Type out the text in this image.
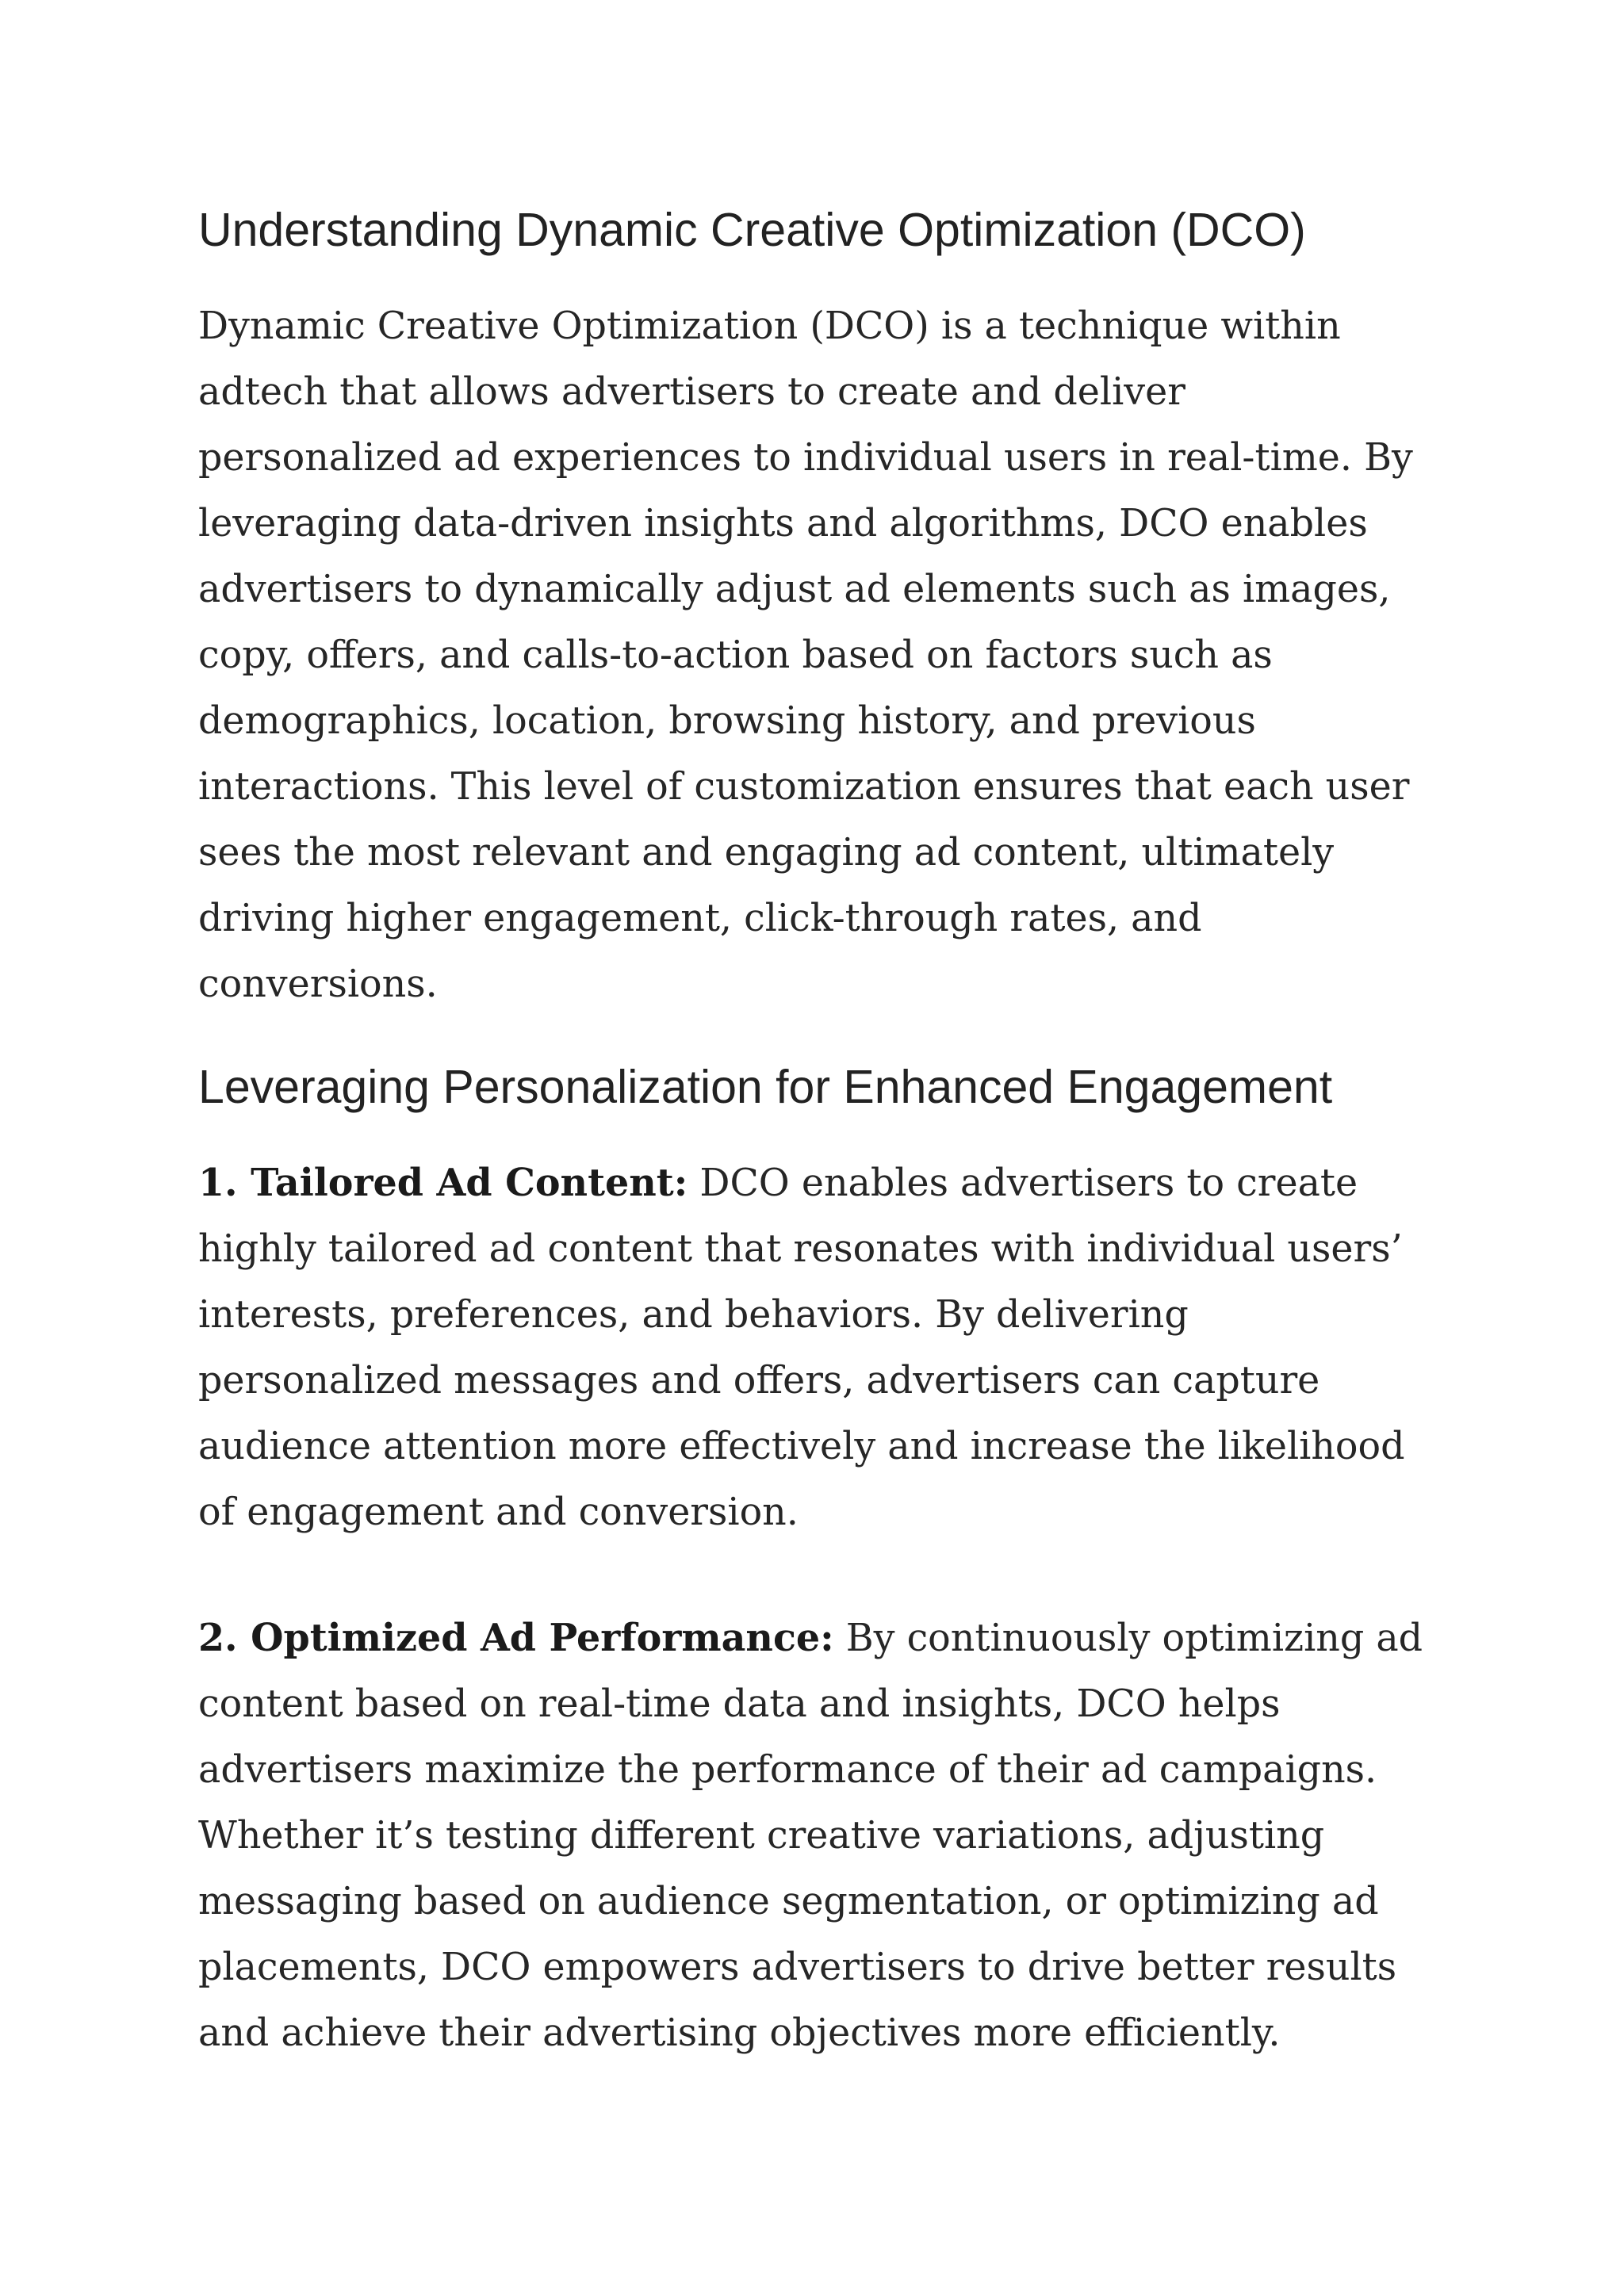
Understanding Dynamic Creative Optimization (DCO)

Dynamic Creative Optimization (DCO) is a technique within adtech that allows advertisers to create and deliver personalized ad experiences to individual users in real-time. By leveraging data-driven insights and algorithms, DCO enables advertisers to dynamically adjust ad elements such as images, copy, offers, and calls-to-action based on factors such as demographics, location, browsing history, and previous interactions. This level of customization ensures that each user sees the most relevant and engaging ad content, ultimately driving higher engagement, click-through rates, and conversions.

Leveraging Personalization for Enhanced Engagement

1. Tailored Ad Content: DCO enables advertisers to create highly tailored ad content that resonates with individual users’ interests, preferences, and behaviors. By delivering personalized messages and offers, advertisers can capture audience attention more effectively and increase the likelihood of engagement and conversion.

2. Optimized Ad Performance: By continuously optimizing ad content based on real-time data and insights, DCO helps advertisers maximize the performance of their ad campaigns. Whether it’s testing different creative variations, adjusting messaging based on audience segmentation, or optimizing ad placements, DCO empowers advertisers to drive better results and achieve their advertising objectives more efficiently.
